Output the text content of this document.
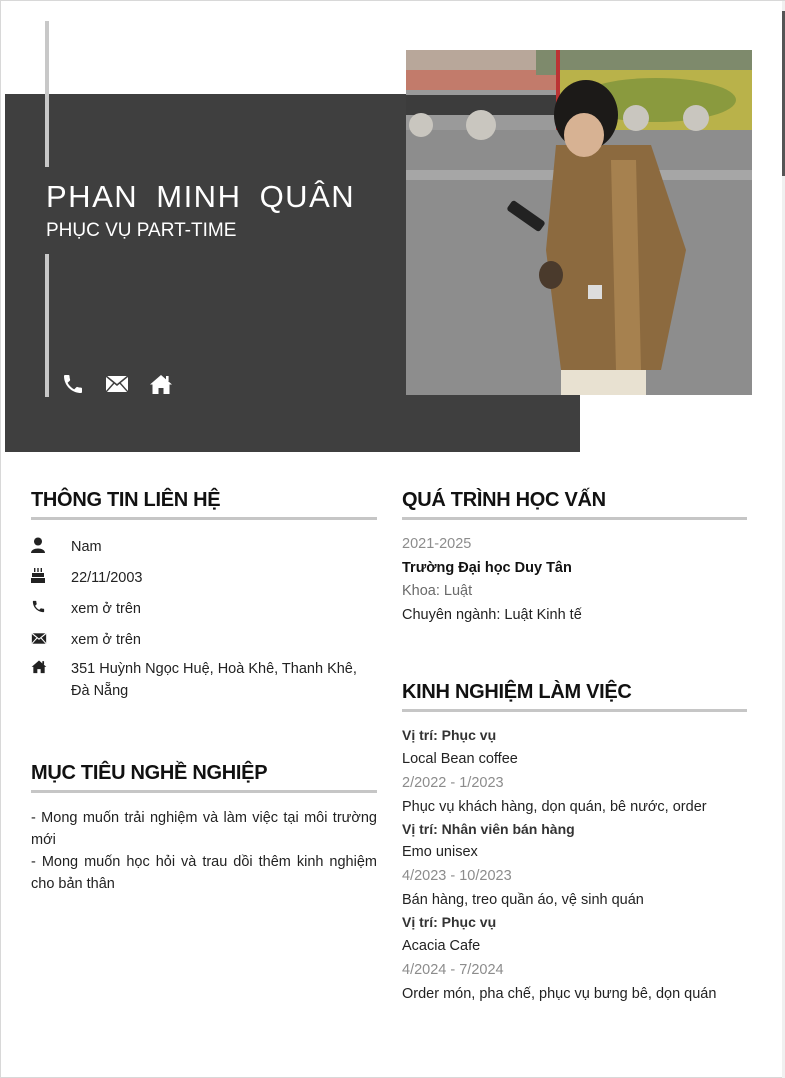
PHAN MINH QUÂN
PHỤC VỤ PART-TIME
THÔNG TIN LIÊN HỆ
Nam
22/11/2003
xem ở trên
xem ở trên
351 Huỳnh Ngọc Huệ, Hoà Khê, Thanh Khê, Đà Nẵng
MỤC TIÊU NGHỀ NGHIỆP
- Mong muốn trải nghiệm và làm việc tại môi trường mới
- Mong muốn học hỏi và trau dồi thêm kinh nghiệm cho bản thân
QUÁ TRÌNH HỌC VẤN
2021-2025
Trường Đại học Duy Tân
Khoa: Luật
Chuyên ngành: Luật Kinh tế
KINH NGHIỆM LÀM VIỆC
Vị trí: Phục vụ
Local Bean coffee
2/2022 - 1/2023
Phục vụ khách hàng, dọn quán, bê nước, order
Vị trí: Nhân viên bán hàng
Emo unisex
4/2023 - 10/2023
Bán hàng, treo quần áo, vệ sinh quán
Vị trí: Phục vụ
Acacia Cafe
4/2024 - 7/2024
Order món, pha chế, phục vụ bưng bê, dọn quán
